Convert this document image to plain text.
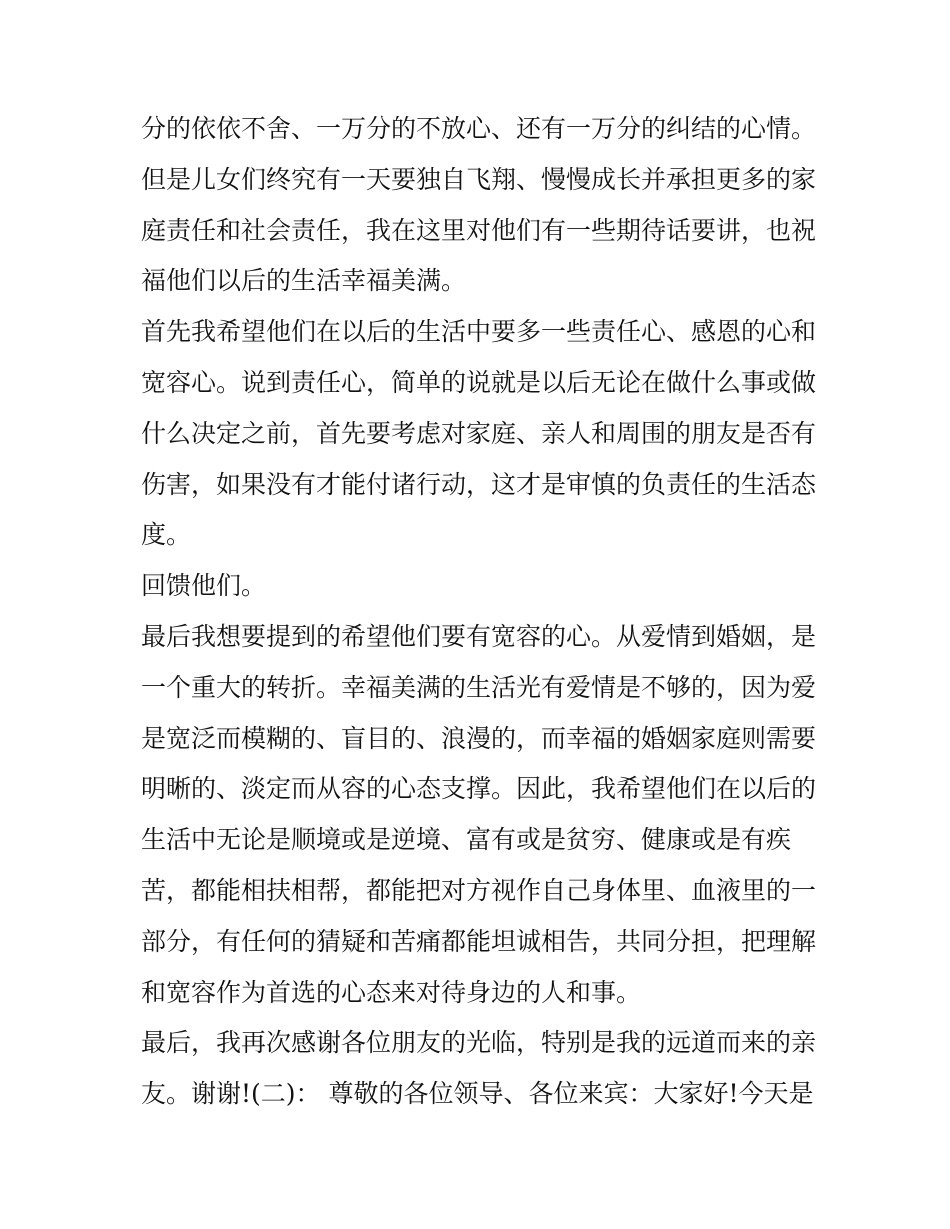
分的依依不舍、一万分的不放心、还有一万分的纠结的心情。
但是儿女们终究有一天要独自飞翔、慢慢成长并承担更多的家
庭责任和社会责任，我在这里对他们有一些期待话要讲，也祝
福他们以后的生活幸福美满。
首先我希望他们在以后的生活中要多一些责任心、感恩的心和
宽容心。说到责任心，简单的说就是以后无论在做什么事或做
什么决定之前，首先要考虑对家庭、亲人和周围的朋友是否有
伤害，如果没有才能付诸行动，这才是审慎的负责任的生活态
度。
回馈他们。
最后我想要提到的希望他们要有宽容的心。从爱情到婚姻，是
一个重大的转折。幸福美满的生活光有爱情是不够的，因为爱
是宽泛而模糊的、盲目的、浪漫的，而幸福的婚姻家庭则需要
明晰的、淡定而从容的心态支撑。因此，我希望他们在以后的
生活中无论是顺境或是逆境、富有或是贫穷、健康或是有疾
苦，都能相扶相帮，都能把对方视作自己身体里、血液里的一
部分，有任何的猜疑和苦痛都能坦诚相告，共同分担，把理解
和宽容作为首选的心态来对待身边的人和事。
最后，我再次感谢各位朋友的光临，特别是我的远道而来的亲
友。谢谢!(二)： 尊敬的各位领导、各位来宾：大家好!今天是
